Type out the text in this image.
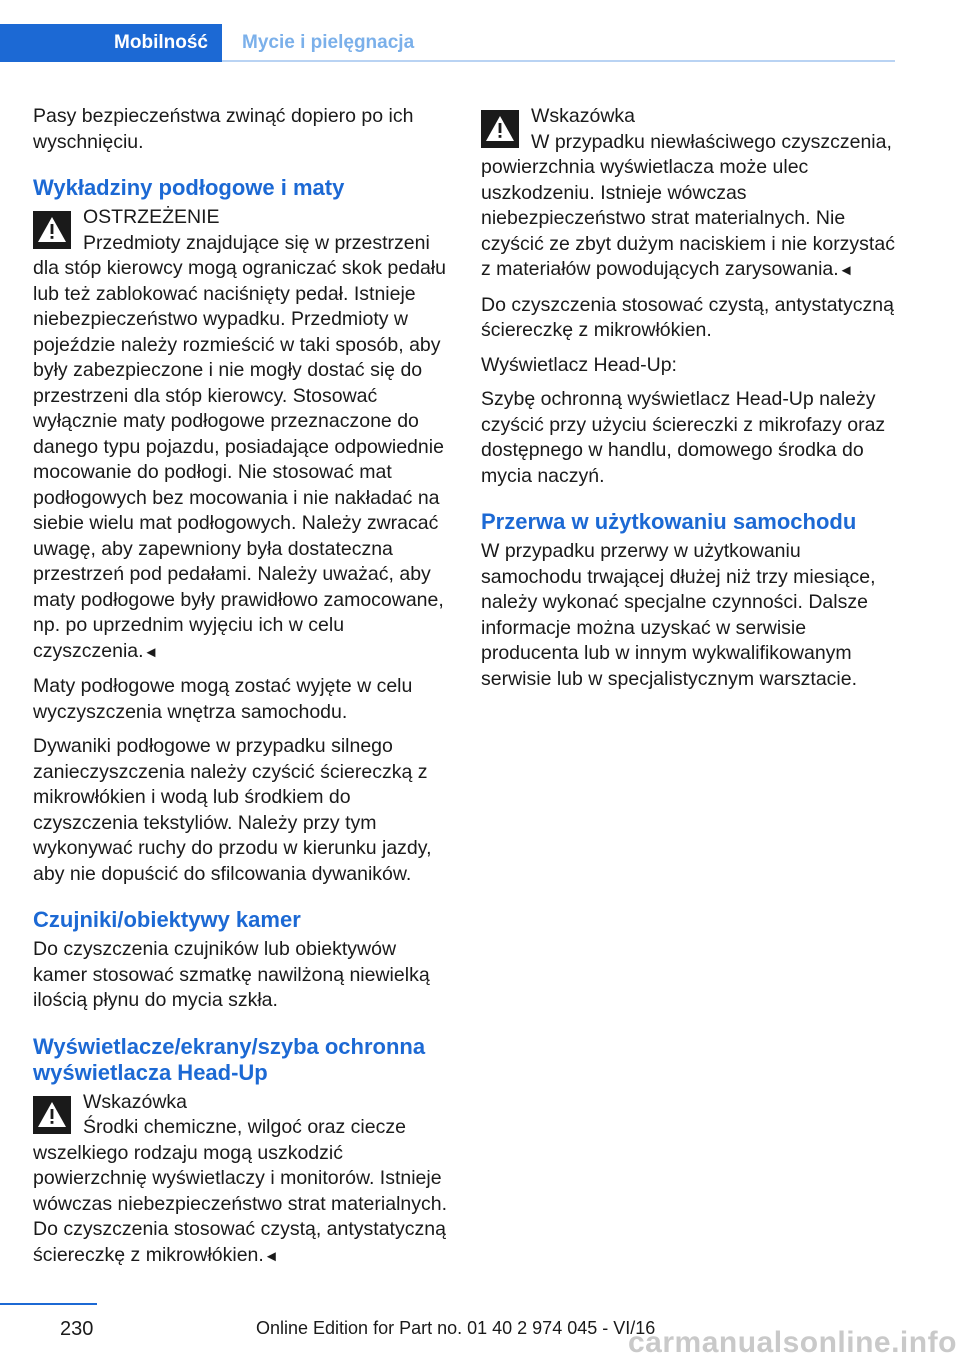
Mobilność	Mycie i pielęgnacja

Pasy bezpieczeństwa zwinąć dopiero po ich wyschnięciu.

Wykładziny podłogowe i maty
OSTRZEŻENIE
Przedmioty znajdujące się w przestrzeni dla stóp kierowcy mogą ograniczać skok pedału lub też zablokować naciśnięty pedał. Istnieje niebezpieczeństwo wypadku. Przedmioty w pojeździe należy rozmieścić w taki sposób, aby były zabezpieczone i nie mogły dostać się do przestrzeni dla stóp kierowcy. Stosować wyłącznie maty podłogowe przeznaczone do danego typu pojazdu, posiadające odpowiednie mocowanie do podłogi. Nie stosować mat podłogowych bez mocowania i nie nakładać na siebie wielu mat podłogowych. Należy zwracać uwagę, aby zapewniony była dostateczna przestrzeń pod pedałami. Należy uważać, aby maty podłogowe były prawidłowo zamocowane, np. po uprzednim wyjęciu ich w celu czyszczenia.◄

Maty podłogowe mogą zostać wyjęte w celu wyczyszczenia wnętrza samochodu.

Dywaniki podłogowe w przypadku silnego zanieczyszczenia należy czyścić ściereczką z mikrowłókien i wodą lub środkiem do czyszczenia tekstyliów. Należy przy tym wykonywać ruchy do przodu w kierunku jazdy, aby nie dopuścić do sfilcowania dywaników.

Czujniki/obiektywy kamer

Do czyszczenia czujników lub obiektywów kamer stosować szmatkę nawilżoną niewielką ilością płynu do mycia szkła.

Wyświetlacze/ekrany/szyba ochronna wyświetlacza Head-Up
Wskazówka
Środki chemiczne, wilgoć oraz ciecze wszelkiego rodzaju mogą uszkodzić powierzchnię wyświetlaczy i monitorów. Istnieje wówczas niebezpieczeństwo strat materialnych. Do czyszczenia stosować czystą, antystatyczną ściereczkę z mikrowłókien.◄
Wskazówka
W przypadku niewłaściwego czyszczenia, powierzchnia wyświetlacza może ulec uszkodzeniu. Istnieje wówczas niebezpieczeństwo strat materialnych. Nie czyścić ze zbyt dużym naciskiem i nie korzystać z materiałów powodujących zarysowania.◄

Do czyszczenia stosować czystą, antystatyczną ściereczkę z mikrowłókien.

Wyświetlacz Head-Up:

Szybę ochronną wyświetlacz Head-Up należy czyścić przy użyciu ściereczki z mikrofazy oraz dostępnego w handlu, domowego środka do mycia naczyń.

Przerwa w użytkowaniu samochodu

W przypadku przerwy w użytkowaniu samochodu trwającej dłużej niż trzy miesiące, należy wykonać specjalne czynności. Dalsze informacje można uzyskać w serwisie producenta lub w innym wykwalifikowanym serwisie lub w specjalistycznym warsztacie.

230	Online Edition for Part no. 01 40 2 974 045 - VI/16
carmanualsonline.info
